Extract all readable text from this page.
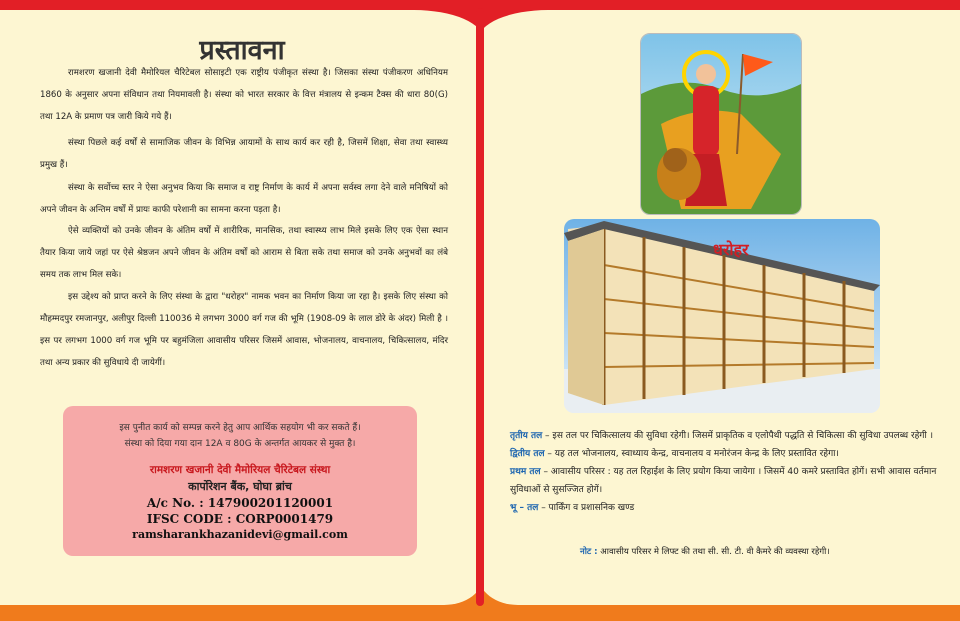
प्रस्तावना

रामशरण खजानी देवी मैमोरियल चैरिटेबल सोसाइटी एक राष्ट्रीय पंजीकृत संस्था है। जिसका संस्था पंजीकरण अधिनियम 1860 के अनुसार अपना संविधान तथा नियमावली है। संस्था को भारत सरकार के वित्त मंत्रालय से इन्कम टैक्स की धारा 80(G) तथा 12A के प्रमाण पत्र जारी किये गये हैं।

संस्था पिछले कई वर्षों से सामाजिक जीवन के विभिन्न आयामों के साथ कार्य कर रही है, जिसमें शिक्षा, सेवा तथा स्वास्थ्य प्रमुख हैं।

संस्था के सर्वोच्च स्तर ने ऐसा अनुभव किया कि समाज व राष्ट्र निर्माण के कार्य में अपना सर्वस्व लगा देने वाले मनिषियों को अपने जीवन के अन्तिम वर्षों में प्रायः काफी परेशानी का सामना करना पड़ता है।

ऐसे व्यक्तियों को उनके जीवन के अंतिम वर्षों में शारीरिक, मानसिक, तथा स्वास्थ्य लाभ मिले इसके लिए एक ऐसा स्थान तैयार किया जाये जहां पर ऐसे श्रेष्ठजन अपने जीवन के अंतिम वर्षों को आराम से बिता सके तथा समाज को उनके अनुभवों का लंबे समय तक लाभ मिल सके।

इस उद्देश्य को प्राप्त करने के लिए संस्था के द्वारा "धरोहर" नामक भवन का निर्माण किया जा रहा है। इसके लिए संस्था को मौहम्मदपुर रमजानपुर, अलीपुर दिल्ली 110036 मे लगभग 3000 वर्ग गज की भूमि (1908-09 के लाल डोरे के अंदर) मिली है । इस पर लगभग 1000 वर्ग गज भूमि पर बहुमंजिला आवासीय परिसर जिसमें आवास, भोजनालय, वाचनालय, चिकित्सालय, मंदिर तथा अन्य प्रकार की सुविधाये दी जायेगीं।

इस पुनीत कार्य को सम्पन्न करने हेतु आप आर्थिक सहयोग भी कर सकते हैं।
संस्था को दिया गया दान 12A व 80G के अन्तर्गत आयकर से मुक्त है।
रामशरण खजानी देवी मैमोरियल चैरिटेबल संस्था
कार्पोरेशन बैंक, घोघा ब्रांच
A/c No. : 147900201120001
IFSC CODE : CORP0001479
ramsharankhazanidevi@gmail.com
धरोहर

तृतीय तल – इस तल पर चिकित्सालय की सुविधा रहेगी। जिसमें प्राकृतिक व एलोपैथी पद्धति से चिकित्सा की सुविधा उपलब्ध रहेगी ।

द्वितीय तल – यह तल भोजनालय, स्वाध्याय केन्द्र, वाचनालय व मनोरंजन केन्द्र के लिए प्रस्तावित रहेगा।

प्रथम तल – आवासीय परिसर : यह तल रिहाईश के लिए प्रयोग किया जायेगा । जिसमें 40 कमरे प्रस्तावित होगें। सभी आवास वर्तमान सुविधाओं से सुसज्जित होगें।

भू – तल – पार्किंग व प्रशासनिक खण्ड

नोट : आवासीय परिसर मे लिफ्ट की तथा सी. सी. टी. वी कैमरे की व्यवस्था रहेगी।
